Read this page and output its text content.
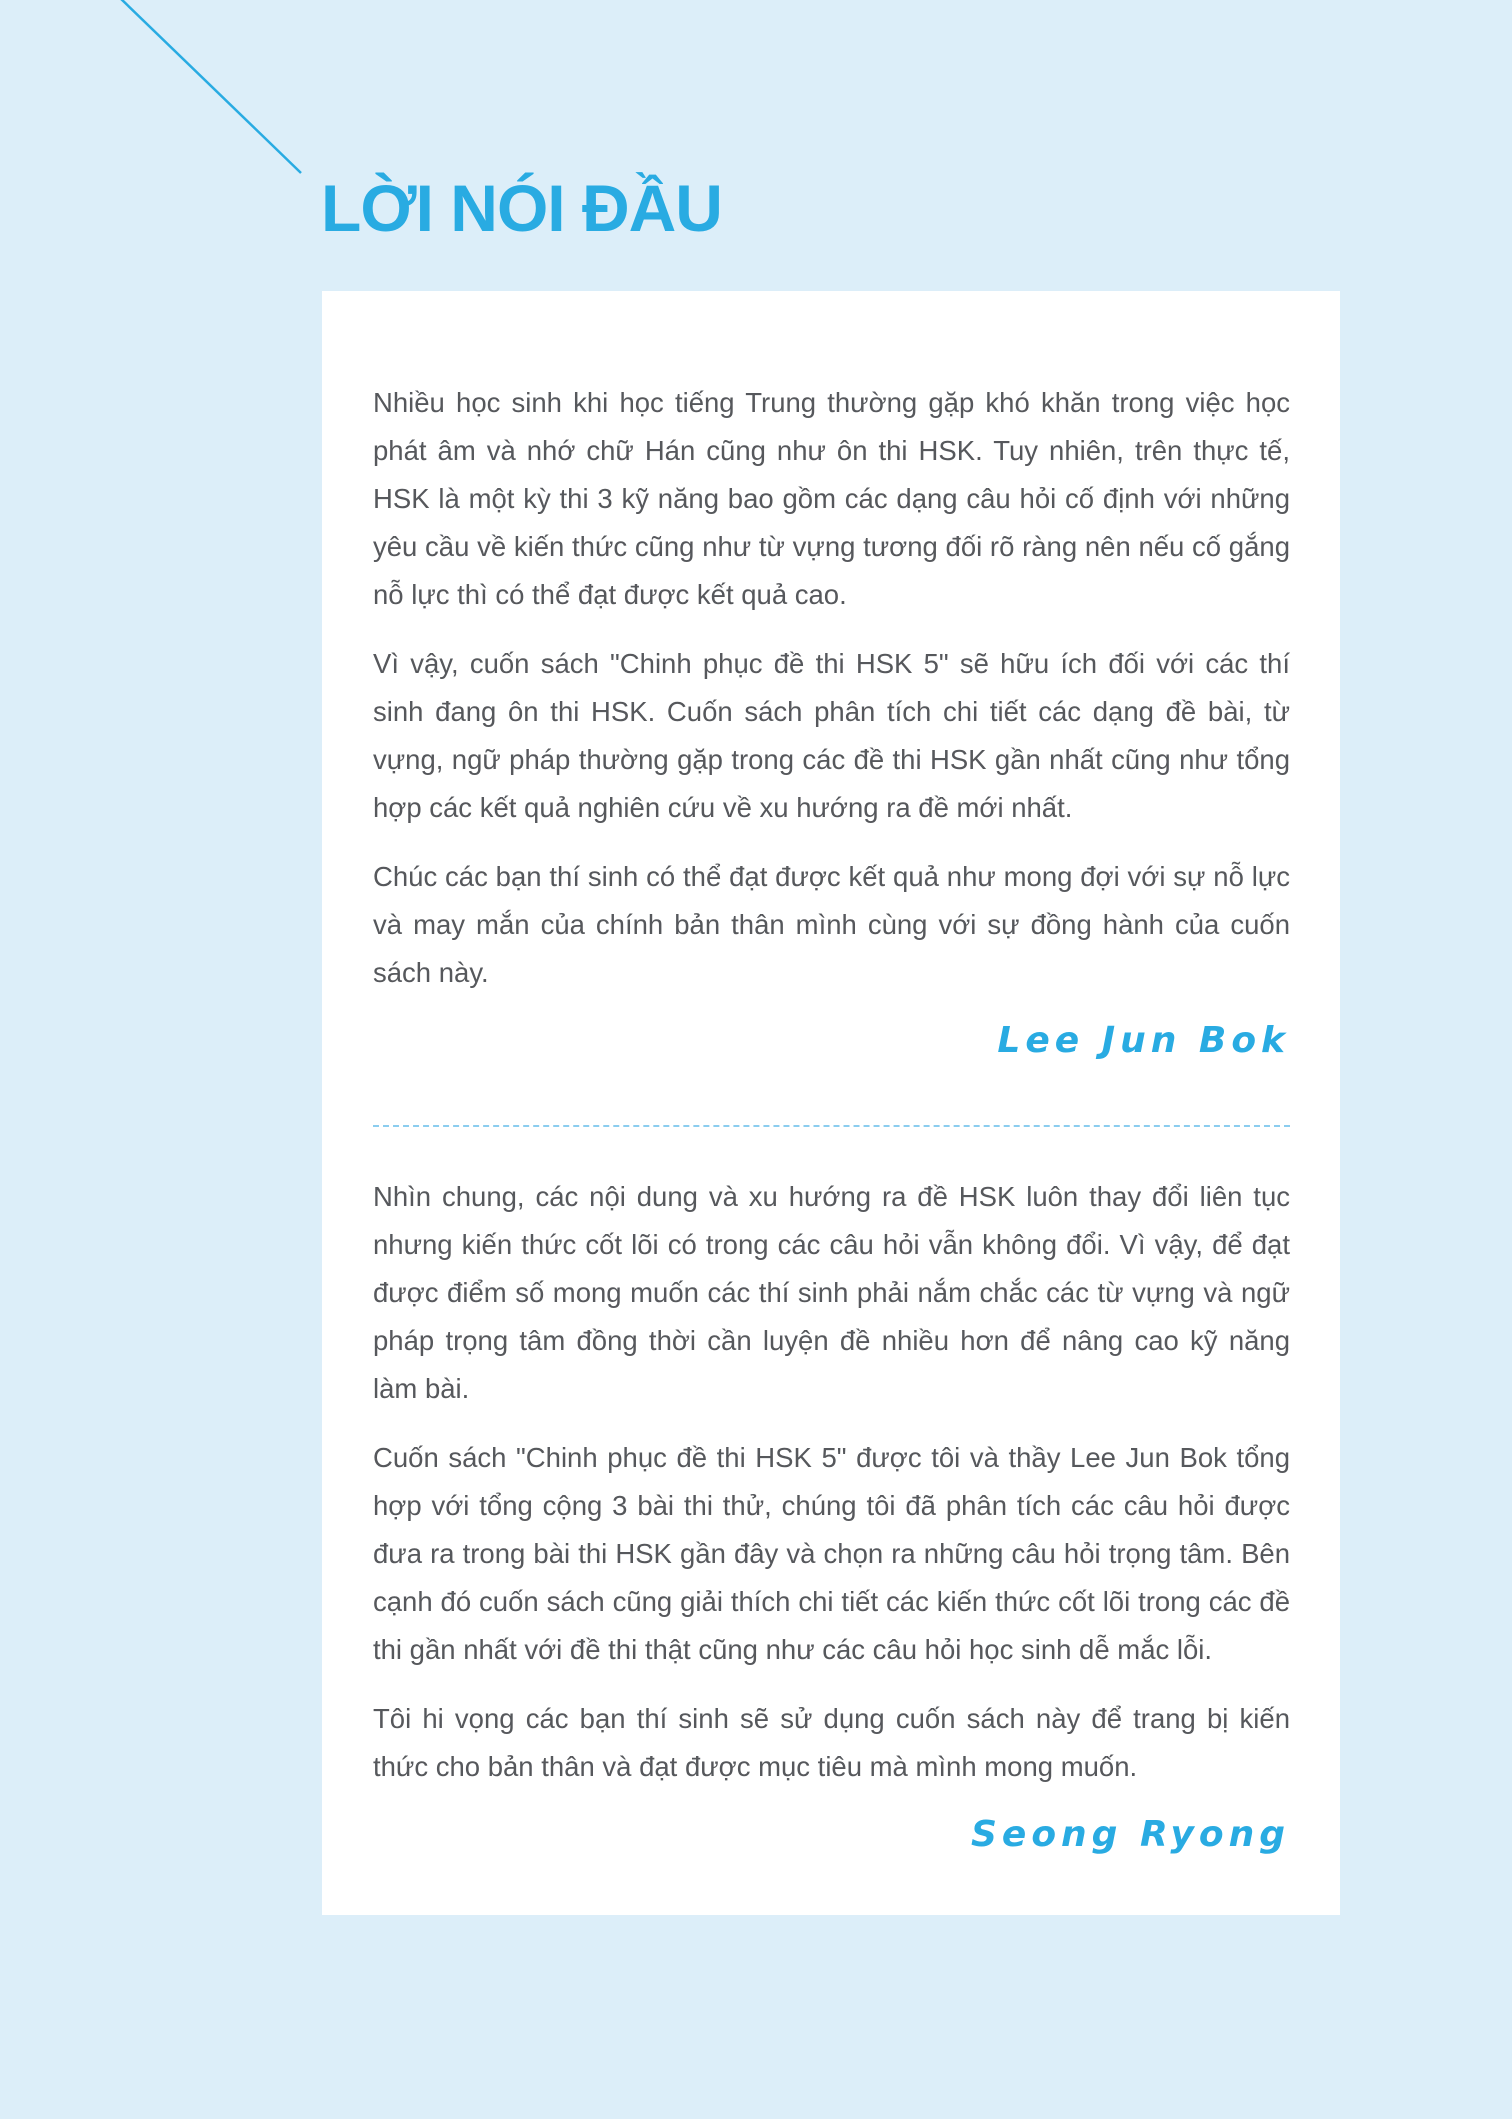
LỜI NÓI ĐẦU

Nhiều học sinh khi học tiếng Trung thường gặp khó khăn trong việc học phát âm và nhớ chữ Hán cũng như ôn thi HSK. Tuy nhiên, trên thực tế, HSK là một kỳ thi 3 kỹ năng bao gồm các dạng câu hỏi cố định với những yêu cầu về kiến thức cũng như từ vựng tương đối rõ ràng nên nếu cố gắng nỗ lực thì có thể đạt được kết quả cao.

Vì vậy, cuốn sách "Chinh phục đề thi HSK 5" sẽ hữu ích đối với các thí sinh đang ôn thi HSK. Cuốn sách phân tích chi tiết các dạng đề bài, từ vựng, ngữ pháp thường gặp trong các đề thi HSK gần nhất cũng như tổng hợp các kết quả nghiên cứu về xu hướng ra đề mới nhất.

Chúc các bạn thí sinh có thể đạt được kết quả như mong đợi với sự nỗ lực và may mắn của chính bản thân mình cùng với sự đồng hành của cuốn sách này.

Lee Jun Bok

Nhìn chung, các nội dung và xu hướng ra đề HSK luôn thay đổi liên tục nhưng kiến thức cốt lõi có trong các câu hỏi vẫn không đổi. Vì vậy, để đạt được điểm số mong muốn các thí sinh phải nắm chắc các từ vựng và ngữ pháp trọng tâm đồng thời cần luyện đề nhiều hơn để nâng cao kỹ năng làm bài.

Cuốn sách "Chinh phục đề thi HSK 5" được tôi và thầy Lee Jun Bok tổng hợp với tổng cộng 3 bài thi thử, chúng tôi đã phân tích các câu hỏi được đưa ra trong bài thi HSK gần đây và chọn ra những câu hỏi trọng tâm. Bên cạnh đó cuốn sách cũng giải thích chi tiết các kiến thức cốt lõi trong các đề thi gần nhất với đề thi thật cũng như các câu hỏi học sinh dễ mắc lỗi.

Tôi hi vọng các bạn thí sinh sẽ sử dụng cuốn sách này để trang bị kiến thức cho bản thân và đạt được mục tiêu mà mình mong muốn.

Seong Ryong
